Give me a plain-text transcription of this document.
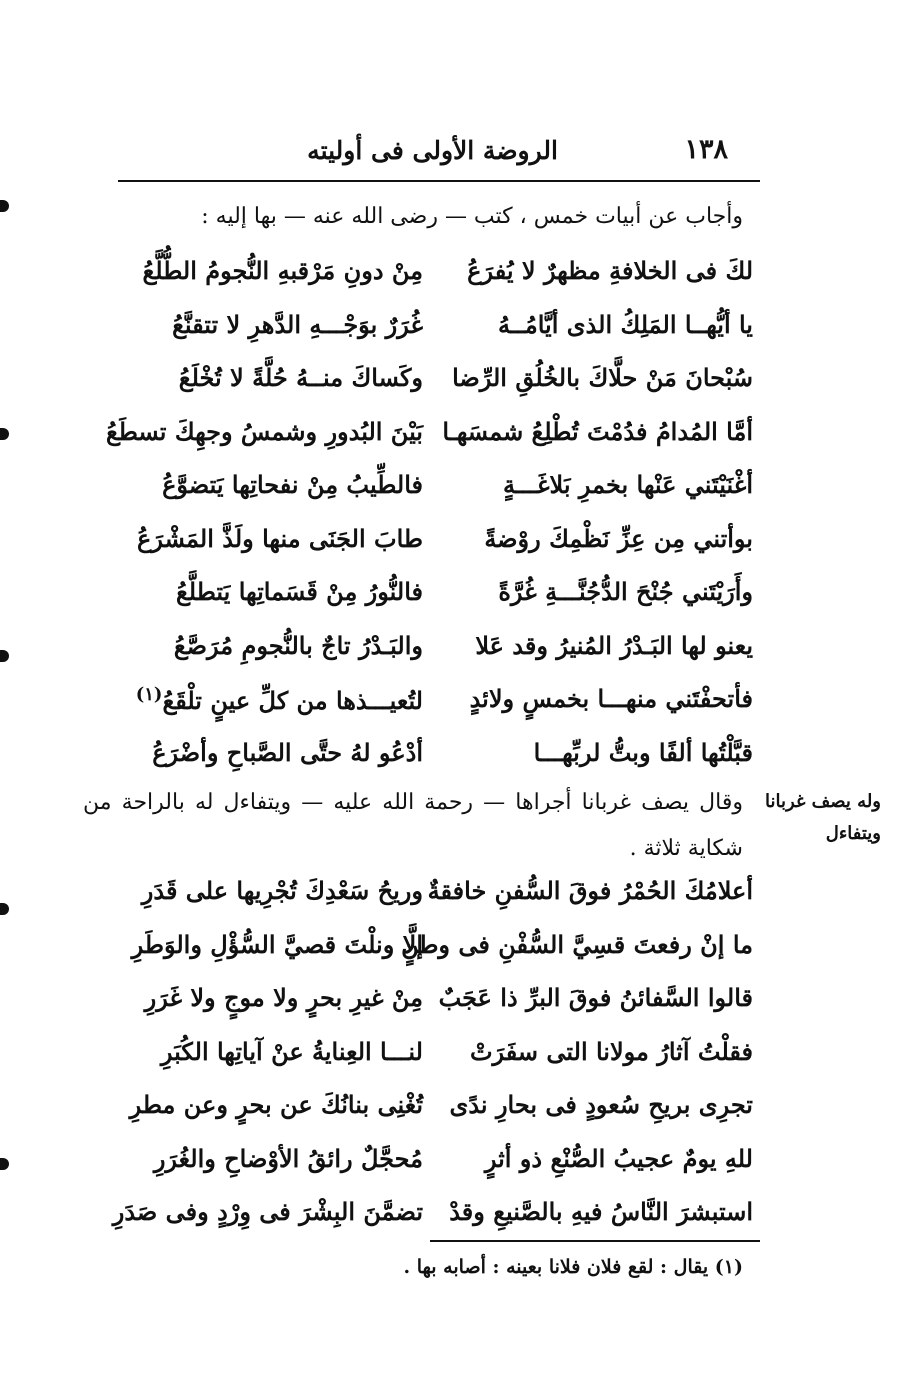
١٣٨
الروضة الأولى فى أوليته
وأجاب عن أبيات خمس ، كتب — رضى الله عنه — بها إليه :
لكَ فى الخلافةِ مظهرٌ لا يُفرَعُ
مِنْ دونِ مَرْقبهِ النُّجومُ الطُّلَّعُ
يا أيُّهــا المَلِكُ الذى أيَّامُــهُ
غُرَرٌ بوَجْـــهِ الدَّهرِ لا تتقنَّعُ
سُبْحانَ مَنْ حلَّاكَ بالخُلُقِ الرِّضا
وكَساكَ منــهُ حُلَّةً لا تُخْلَعُ
أمَّا المُدامُ فدُمْتَ تُطْلِعُ شمسَهـا
بَيْنَ البُدورِ وشمسُ وجهِكَ تسطَعُ
أغْنَيْتَني عَنْها بخمرِ بَلاغَـــةٍ
فالطِّيبُ مِنْ نفحاتِها يَتضوَّعُ
بوأتني مِن عِزِّ نَظْمِكَ روْضةً
طابَ الجَنَى منها ولَذَّ المَشْرَعُ
وأَرَيْتَني جُنْحَ الدُّجُنَّـــةِ غُرَّةً
فالنُّورُ مِنْ قَسَماتِها يَتطلَّعُ
يعنو لها البَـدْرُ المُنيرُ وقد عَلا
والبَـدْرُ تاجٌ بالنُّجومِ مُرَصَّعُ
فأتحفْتَني منهـــا بخمسٍ ولائدٍ
لتُعيـــذها من كلِّ عينٍ تلْقَعُ$^{(١)}$
قبَّلْتُها ألفًا وبتُّ لربِّهـــا
أدْعُو لهُ حتَّى الصَّباحِ وأضْرَعُ
وله يصف غربانا ويتفاءل
وقال يصف غربانا أجراها — رحمة الله عليه — ويتفاءل له بالراحة من شكاية ثلاثة .
أعلامُكَ الحُمْرُ فوقَ السُّفنِ خافقةٌ
وريحُ سَعْدِكَ تُجْرِيها على قَدَرِ
ما إنْ رفعتَ قسِيَّ السُّفْنِ فى وطنٍ
إلَّا ونلْتَ قصيَّ السُّؤْلِ والوَطَرِ
قالوا السَّفائنُ فوقَ البرِّ ذا عَجَبٌ
مِنْ غيرِ بحرٍ ولا موجٍ ولا غَرَرِ
فقلْتُ آثارُ مولانا التى سفَرَتْ
لنـــا العِنايةُ عنْ آياتِها الكُبَرِ
تجرِى بريحِ سُعودٍ فى بحارِ ندًى
تُغْنِى بنانُكَ عن بحرٍ وعن مطرِ
للهِ يومٌ عجيبُ الصُّنْعِ ذو أثرٍ
مُحجَّلٌ رائقُ الأوْضاحِ والغُرَرِ
استبشرَ النَّاسُ فيهِ بالصَّنيعِ وقدْ
تضمَّنَ البِشْرَ فى وِرْدٍ وفى صَدَرِ
(١) يقال : لقع فلان فلانا بعينه : أصابه بها .
